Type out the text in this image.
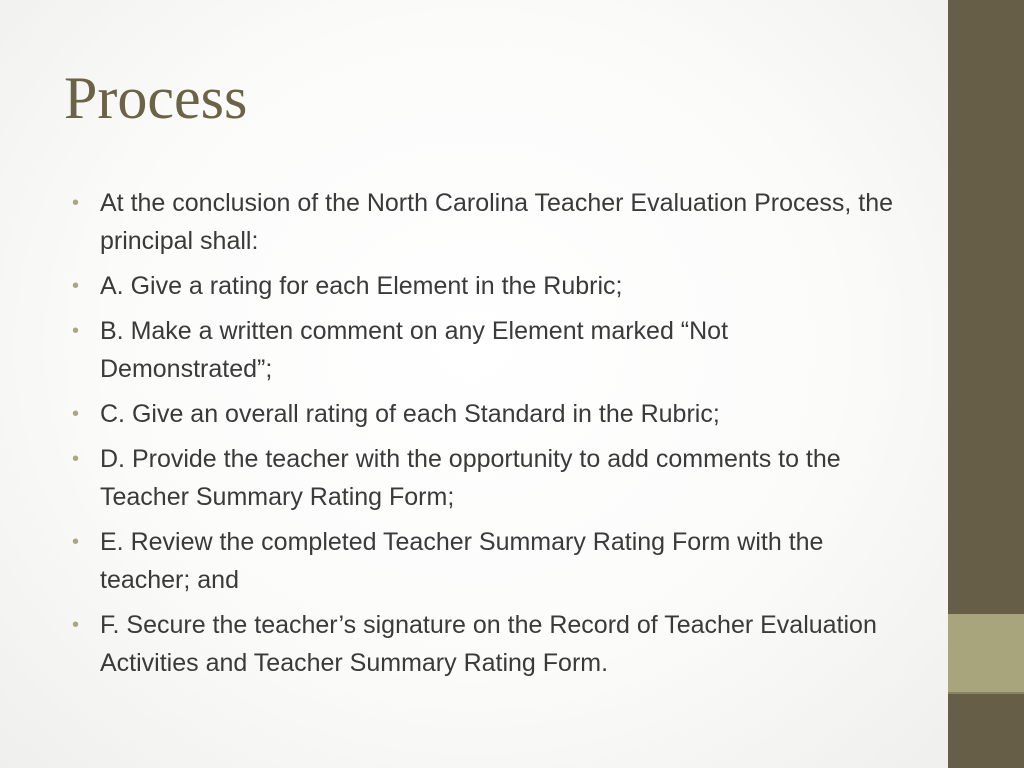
Process
• At the conclusion of the North Carolina Teacher Evaluation Process, the principal shall:
• A. Give a rating for each Element in the Rubric;
• B. Make a written comment on any Element marked “Not Demonstrated”;
• C. Give an overall rating of each Standard in the Rubric;
• D. Provide the teacher with the opportunity to add comments to the Teacher Summary Rating Form;
• E. Review the completed Teacher Summary Rating Form with the teacher; and
• F. Secure the teacher’s signature on the Record of Teacher Evaluation Activities and Teacher Summary Rating Form.
